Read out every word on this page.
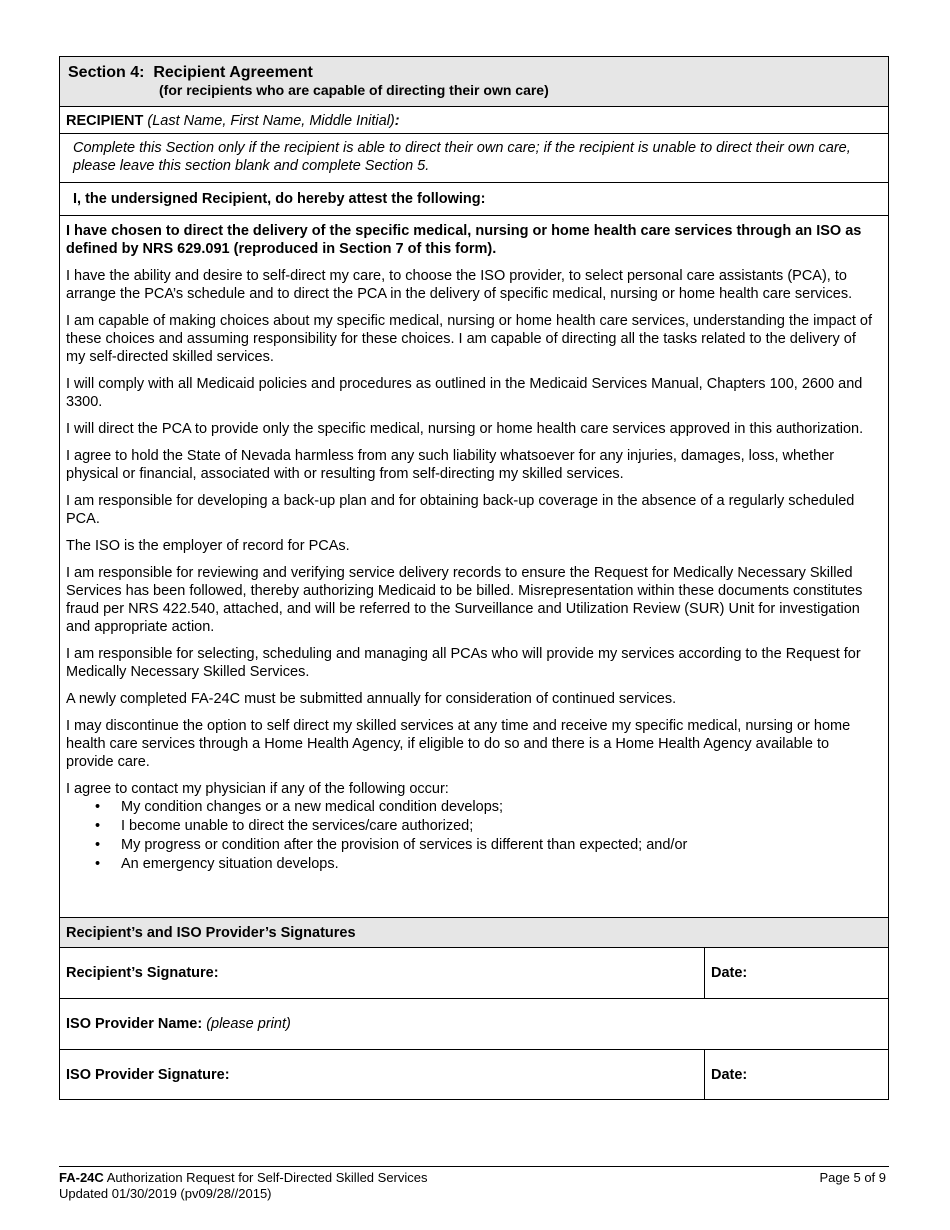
Section 4:  Recipient Agreement
(for recipients who are capable of directing their own care)
RECIPIENT (Last Name, First Name, Middle Initial):
Complete this Section only if the recipient is able to direct their own care; if the recipient is unable to direct their own care, please leave this section blank and complete Section 5.
I, the undersigned Recipient, do hereby attest the following:

I have chosen to direct the delivery of the specific medical, nursing or home health care services through an ISO as defined by NRS 629.091 (reproduced in Section 7 of this form).

I have the ability and desire to self-direct my care, to choose the ISO provider, to select personal care assistants (PCA), to arrange the PCA’s schedule and to direct the PCA in the delivery of specific medical, nursing or home health care services.

I am capable of making choices about my specific medical, nursing or home health care services, understanding the impact of these choices and assuming responsibility for these choices. I am capable of directing all the tasks related to the delivery of my self-directed skilled services.

I will comply with all Medicaid policies and procedures as outlined in the Medicaid Services Manual, Chapters 100, 2600 and 3300.

I will direct the PCA to provide only the specific medical, nursing or home health care services approved in this authorization.

I agree to hold the State of Nevada harmless from any such liability whatsoever for any injuries, damages, loss, whether physical or financial, associated with or resulting from self-directing my skilled services.

I am responsible for developing a back-up plan and for obtaining back-up coverage in the absence of a regularly scheduled PCA.

The ISO is the employer of record for PCAs.

I am responsible for reviewing and verifying service delivery records to ensure the Request for Medically Necessary Skilled Services has been followed, thereby authorizing Medicaid to be billed. Misrepresentation within these documents constitutes fraud per NRS 422.540, attached, and will be referred to the Surveillance and Utilization Review (SUR) Unit for investigation and appropriate action.

I am responsible for selecting, scheduling and managing all PCAs who will provide my services according to the Request for Medically Necessary Skilled Services.

A newly completed FA-24C must be submitted annually for consideration of continued services.

I may discontinue the option to self direct my skilled services at any time and receive my specific medical, nursing or home health care services through a Home Health Agency, if eligible to do so and there is a Home Health Agency available to provide care.

I agree to contact my physician if any of the following occur:

• My condition changes or a new medical condition develops;
• I become unable to direct the services/care authorized;
• My progress or condition after the provision of services is different than expected; and/or
• An emergency situation develops.
Recipient’s and ISO Provider’s Signatures
Recipient’s Signature:	Date:
ISO Provider Name: (please print)
ISO Provider Signature:	Date:
FA-24C Authorization Request for Self-Directed Skilled Services
Updated 01/30/2019 (pv09/28//2015)
Page 5 of 9
